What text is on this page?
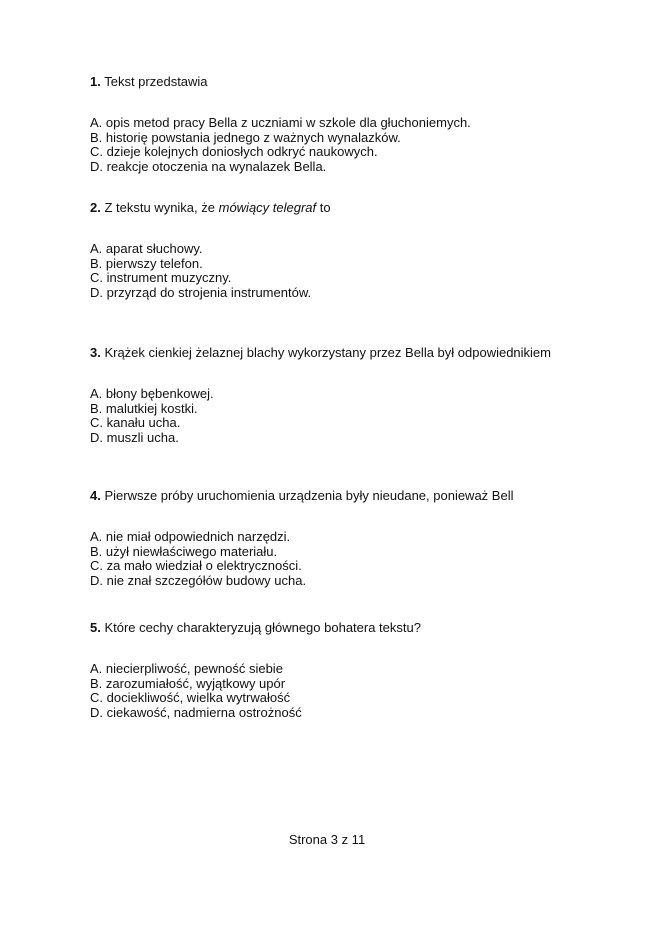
1. Tekst przedstawia

A. opis metod pracy Bella z uczniami w szkole dla głuchoniemych.
B. historię powstania jednego z ważnych wynalazków.
C. dzieje kolejnych doniosłych odkryć naukowych.
D. reakcje otoczenia na wynalazek Bella.

2. Z tekstu wynika, że mówiący telegraf to

A. aparat słuchowy.
B. pierwszy telefon.
C. instrument muzyczny.
D. przyrząd do strojenia instrumentów.

3. Krążek cienkiej żelaznej blachy wykorzystany przez Bella był odpowiednikiem

A. błony bębenkowej.
B. malutkiej kostki.
C. kanału ucha.
D. muszli ucha.

4. Pierwsze próby uruchomienia urządzenia były nieudane, ponieważ Bell

A. nie miał odpowiednich narzędzi.
B. użył niewłaściwego materiału.
C. za mało wiedział o elektryczności.
D. nie znał szczegółów budowy ucha.

5. Które cechy charakteryzują głównego bohatera tekstu?

A. niecierpliwość, pewność siebie
B. zarozumiałość, wyjątkowy upór
C. dociekliwość, wielka wytrwałość
D. ciekawość, nadmierna ostrożność
Strona 3 z 11
